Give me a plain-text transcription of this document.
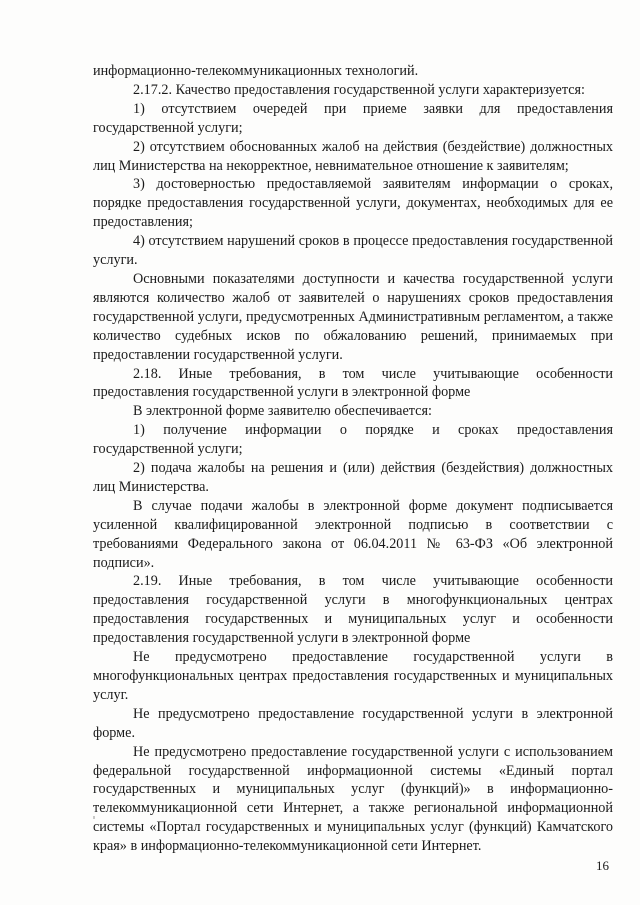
информационно-телекоммуникационных технологий.

2.17.2. Качество предоставления государственной услуги характеризуется:

1) отсутствием очередей при приеме заявки для предоставления государственной услуги;

2) отсутствием обоснованных жалоб на действия (бездействие) должностных лиц Министерства на некорректное, невнимательное отношение к заявителям;

3) достоверностью предоставляемой заявителям информации о сроках, порядке предоставления государственной услуги, документах, необходимых для ее предоставления;

4) отсутствием нарушений сроков в процессе предоставления государственной услуги.

Основными показателями доступности и качества государственной услуги являются количество жалоб от заявителей о нарушениях сроков предоставления государственной услуги, предусмотренных Административным регламентом, а также количество судебных исков по обжалованию решений, принимаемых при предоставлении государственной услуги.

2.18. Иные требования, в том числе учитывающие особенности предоставления государственной услуги в электронной форме

В электронной форме заявителю обеспечивается:

1) получение информации о порядке и сроках предоставления государственной услуги;

2) подача жалобы на решения и (или) действия (бездействия) должностных лиц Министерства.

В случае подачи жалобы в электронной форме документ подписывается усиленной квалифицированной электронной подписью в соответствии с требованиями Федерального закона от 06.04.2011 № 63-ФЗ «Об электронной подписи».

2.19. Иные требования, в том числе учитывающие особенности предоставления государственной услуги в многофункциональных центрах предоставления государственных и муниципальных услуг и особенности предоставления государственной услуги в электронной форме

Не предусмотрено предоставление государственной услуги в многофункциональных центрах предоставления государственных и муниципальных услуг.

Не предусмотрено предоставление государственной услуги в электронной форме.

Не предусмотрено предоставление государственной услуги с использованием федеральной государственной информационной системы «Единый портал государственных и муниципальных услуг (функций)» в информационно-телекоммуникационной сети Интернет, а также региональной информационной системы «Портал государственных и муниципальных услуг (функций) Камчатского края» в информационно-телекоммуникационной сети Интернет.

16
